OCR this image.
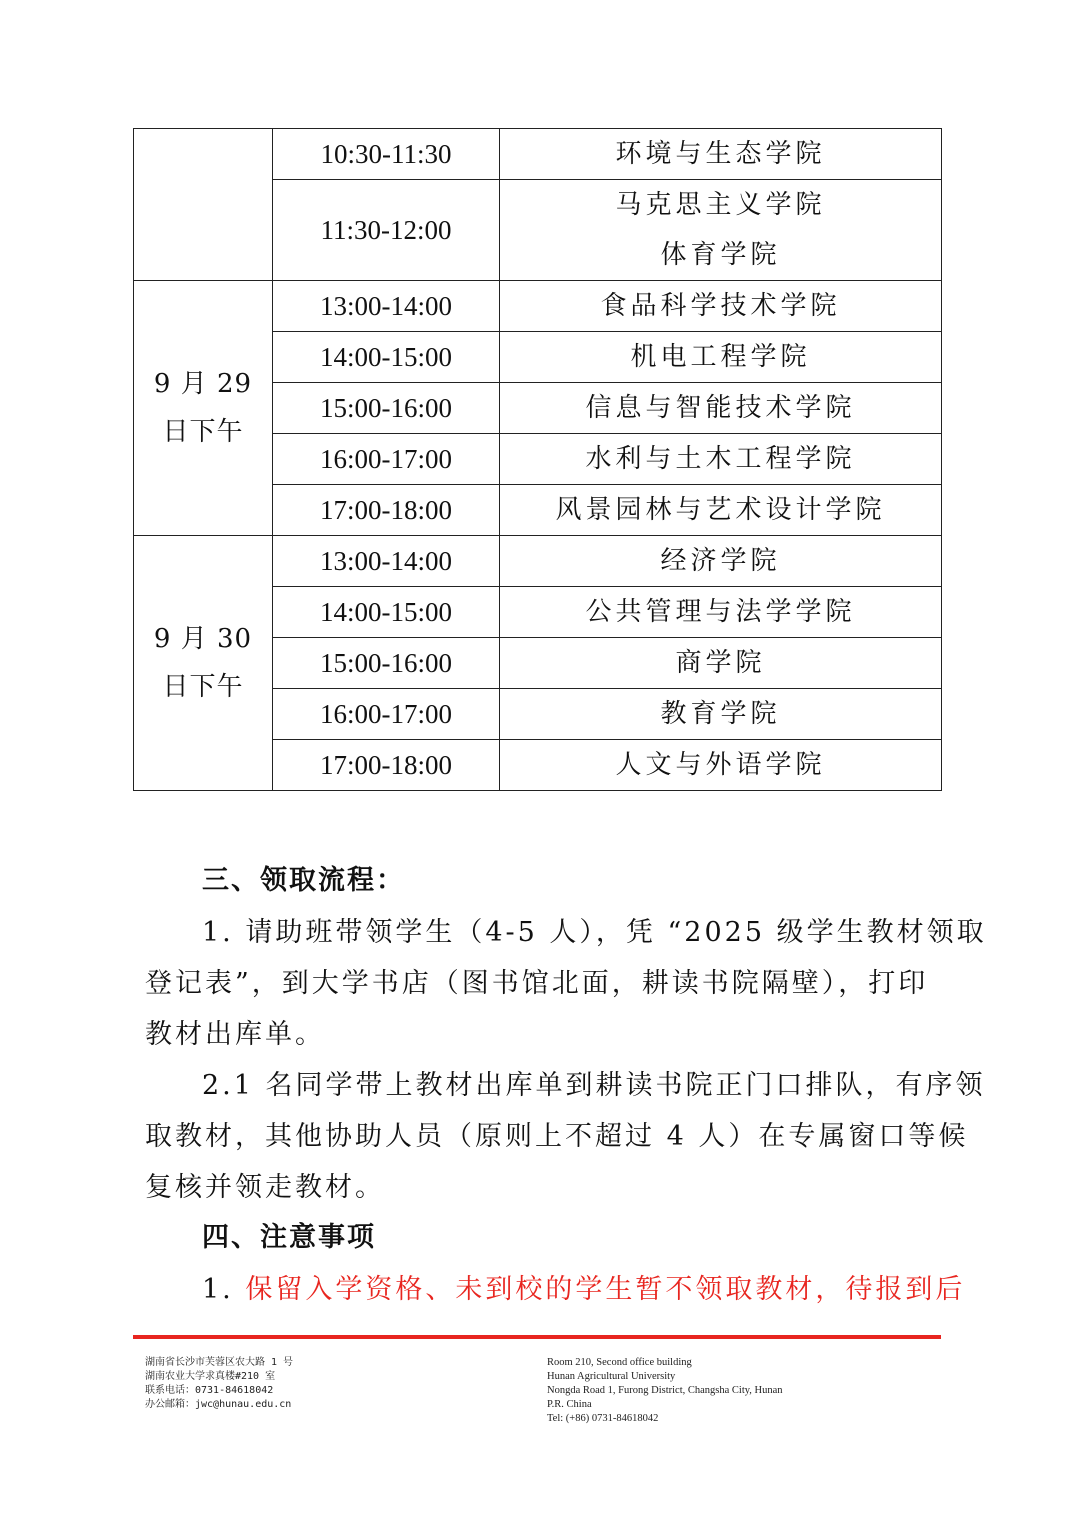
	10:30-11:30	环境与生态学院

	11:30-12:00	马克思主义学院
体育学院

9 月 29
日下午	13:00-14:00	食品科学技术学院

	14:00-15:00	机电工程学院

	15:00-16:00	信息与智能技术学院

	16:00-17:00	水利与土木工程学院

	17:00-18:00	风景园林与艺术设计学院

9 月 30
日下午	13:00-14:00	经济学院

	14:00-15:00	公共管理与法学学院

	15:00-16:00	商学院

	16:00-17:00	教育学院

	17:00-18:00	人文与外语学院
三、领取流程：
1. 请助班带领学生（4-5 人），凭 “2025 级学生教材领取
登记表”，到大学书店（图书馆北面，耕读书院隔壁），打印
教材出库单。
2.1 名同学带上教材出库单到耕读书院正门口排队，有序领
取教材，其他协助人员（原则上不超过 4 人）在专属窗口等候
复核并领走教材。
四、注意事项
1. 保留入学资格、未到校的学生暂不领取教材，待报到后
湖南省长沙市芙蓉区农大路 1 号
湖南农业大学求真楼#210 室
联系电话：0731-84618042
办公邮箱：jwc@hunau.edu.cn
Room 210, Second office building
Hunan Agricultural University
Nongda Road 1, Furong District, Changsha City, Hunan
P.R. China
Tel: (+86) 0731-84618042
